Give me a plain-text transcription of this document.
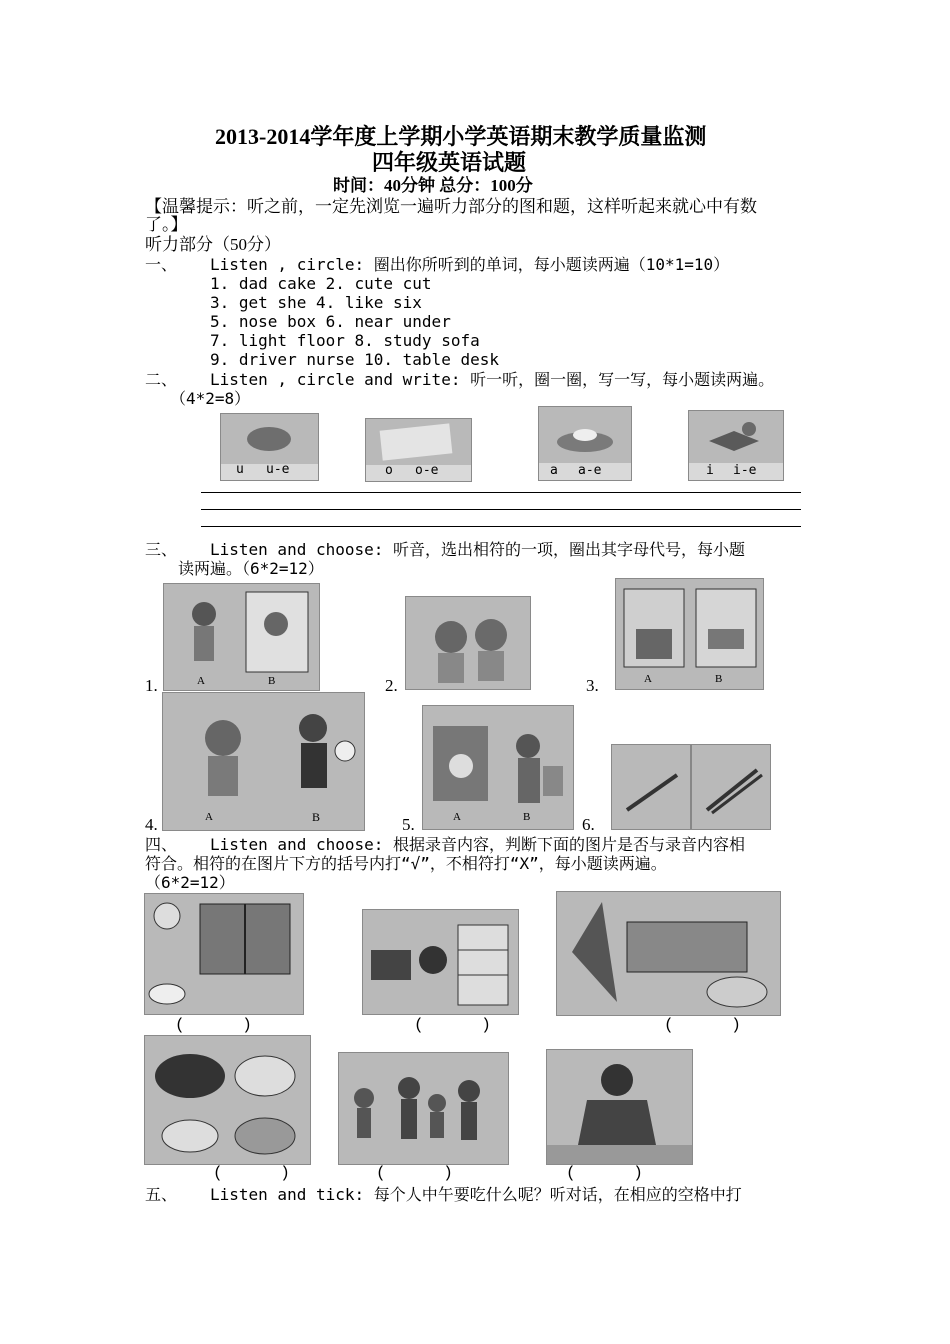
2013-2014学年度上学期小学英语期末教学质量监测
四年级英语试题
时间：40分钟 总分：100分
【温馨提示：听之前，一定先浏览一遍听力部分的图和题，这样听起来就心中有数
了。】
听力部分（50分）
一、 Listen , circle: 圈出你所听到的单词，每小题读两遍（10*1=10）
1. dad cake 2. cute cut
3. get she 4. like six
5. nose box 6. near under
7. light floor 8. study sofa
9. driver nurse 10. table desk
二、 Listen , circle and write: 听一听，圈一圈，写一写，每小题读两遍。
（4*2=8）
u u-e	o o-e	a a-e	i i-e
三、 Listen and choose: 听音，选出相符的一项，圈出其字母代号，每小题
读两遍。（6*2=12）
1.	A	B	2.	3.	A	B
4.	A	B	5.	A	B	6.
四、 Listen and choose: 根据录音内容，判断下面的图片是否与录音内容相
符合。相符的在图片下方的括号内打“√”，不相符打“X”，每小题读两遍。
（6*2=12）
(      )	(      )	(      )
(      )	(      )	(      )
五、 Listen and tick: 每个人中午要吃什么呢？听对话，在相应的空格中打
